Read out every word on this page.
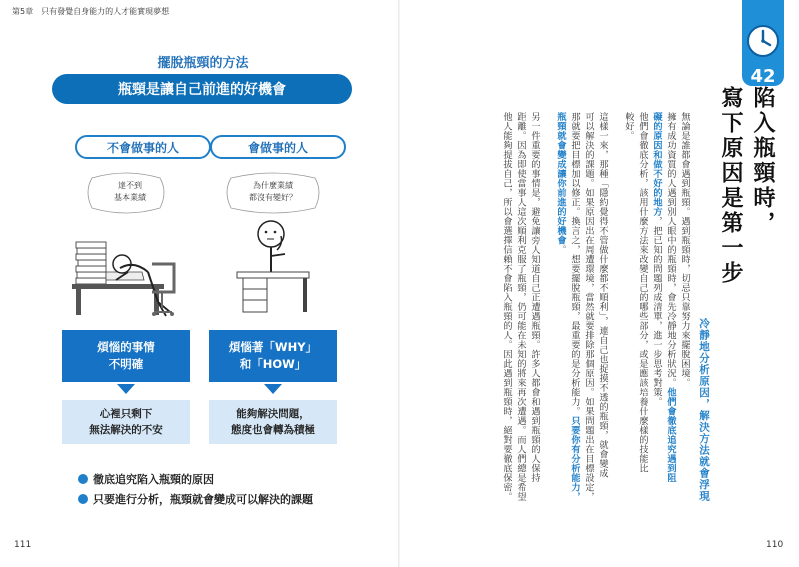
第5章　只有發覺自身能力的人才能實現夢想
擺脫瓶頸的方法
瓶頸是讓自己前進的好機會
不會做事的人	會做事的人
達不到
基本業績
為什麼業績
都沒有變好？
煩惱的事情
不明確
煩惱著「WHY」
和「HOW」
心裡只剩下
無法解決的不安
能夠解決問題，
態度也會轉為積極
徹底追究陷入瓶頸的原因
只要進行分析，瓶頸就會變成可以解決的課題
111
42
陷入瓶頸時，
寫下原因是第一步
冷靜地分析原因，解決方法就會浮現
無論是誰都會遇到瓶頸。遇到瓶頸時，切忌只靠努力來擺脫困境。
擁有成功資質的人遇到別人眼中的瓶頸時，會先冷靜地分析狀況。他們會徹底追究遇到阻
礙的原因和做不好的地方，把已知的問題列成清單，進一步思考對策。
他們會徹底分析，該用什麼方法來改變自己的哪些部分，或是應該培養什麼樣的技能比
較好。
這樣一來，那種「隱約覺得不管做什麼都不順利」，連自己也捉摸不透的瓶頸，就會變成
可以解決的課題。如果原因出在周遭環境，當然就要排除那個原因。如果問題出在目標設定，
那就要把目標加以修正。換言之，想要擺脫瓶頸，最重要的是分析能力。只要你有分析能力，
瓶頸就會變成讓你前進的好機會。
另一件重要的事情是，避免讓旁人知道自己正遭遇瓶頸。許多人都會和遇到瓶頸的人保持
距離。因為即使當事人這次順利克服了瓶頸，仍可能在未知的將來再次遭遇。而人們總是希望
他人能夠提拔自己，所以會選擇信賴不會陷入瓶頸的人。因此遇到瓶頸時，絕對要徹底保密。
110
